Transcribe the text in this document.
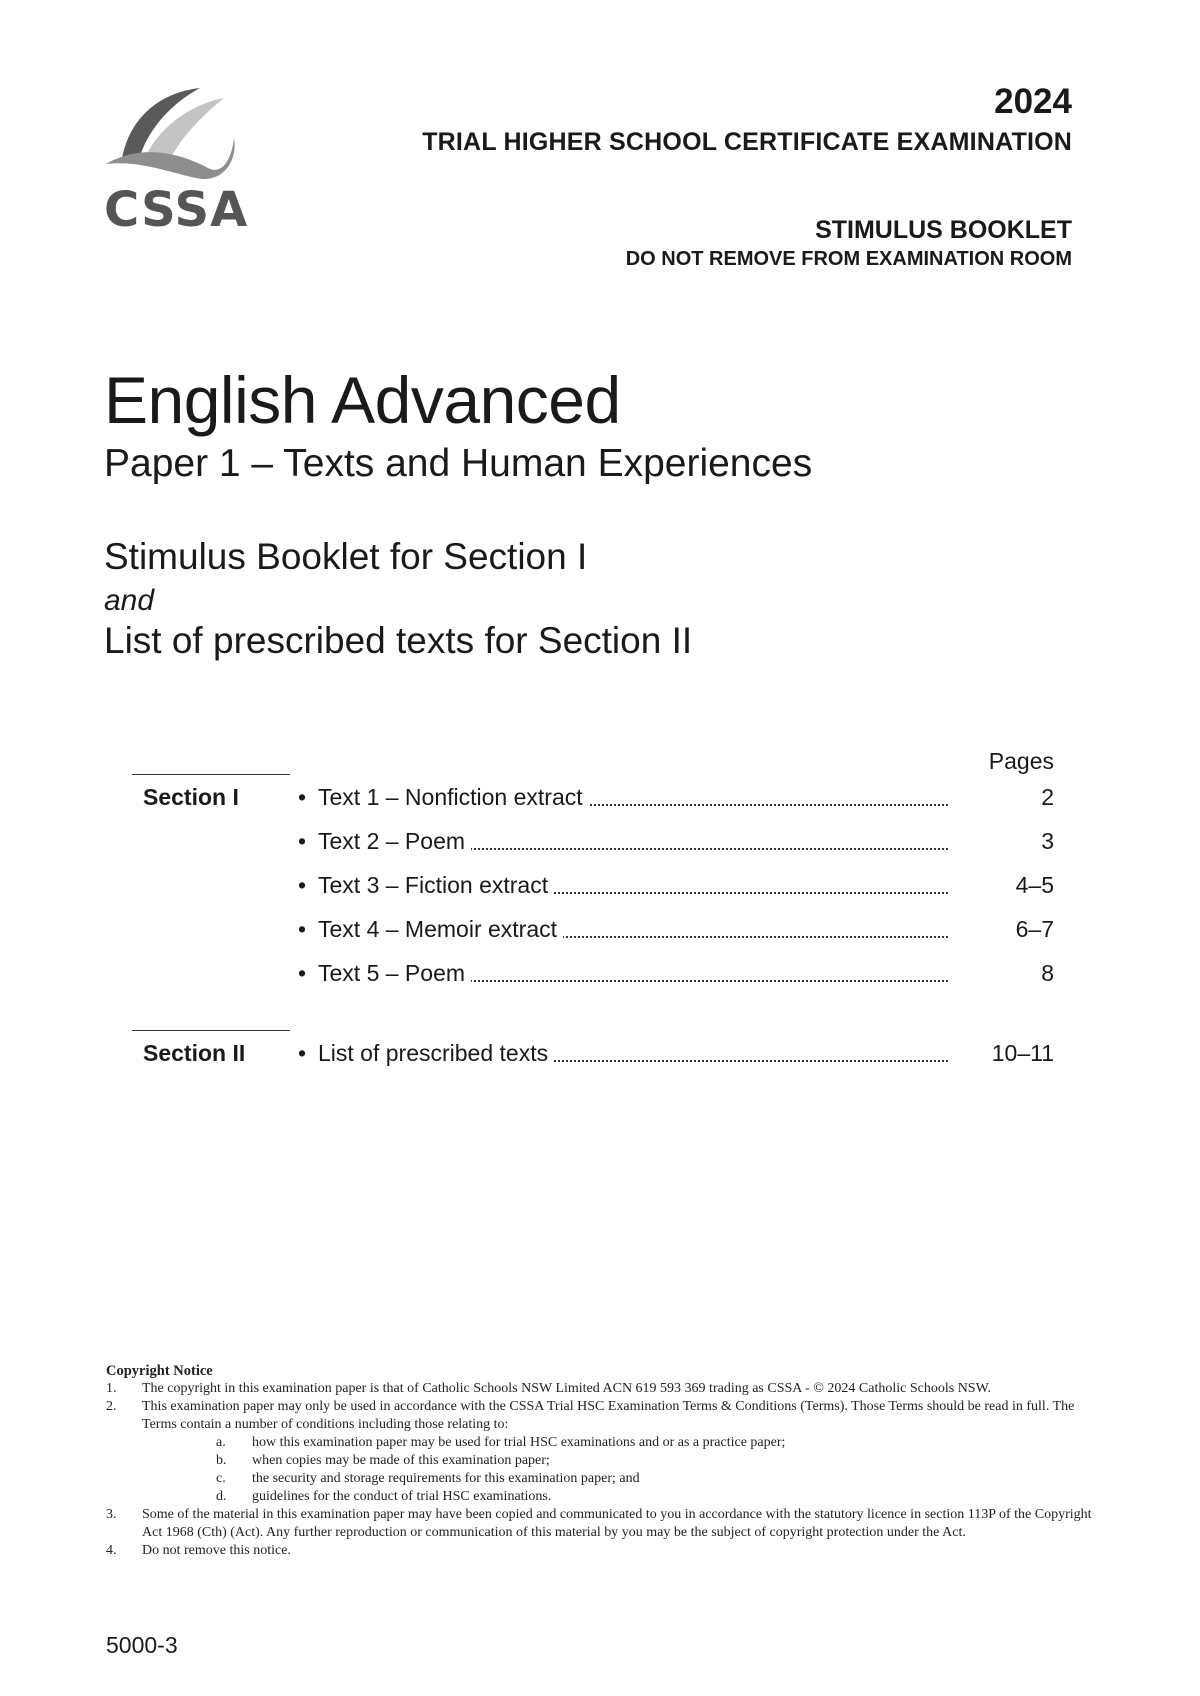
CSSA
2024
TRIAL HIGHER SCHOOL CERTIFICATE EXAMINATION
STIMULUS BOOKLET
DO NOT REMOVE FROM EXAMINATION ROOM
English Advanced
Paper 1 – Texts and Human Experiences
Stimulus Booklet for Section I
and
List of prescribed texts for Section II
Pages
Section I	• Text 1 – Nonfiction extract	2
• Text 2 – Poem	3
• Text 3 – Fiction extract	4–5
• Text 4 – Memoir extract	6–7
• Text 5 – Poem	8
Section II • List of prescribed texts	10–11
Copyright Notice
1. The copyright in this examination paper is that of Catholic Schools NSW Limited ACN 619 593 369 trading as CSSA - © 2024 Catholic Schools NSW.
2. This examination paper may only be used in accordance with the CSSA Trial HSC Examination Terms & Conditions (Terms). Those Terms should be read in full. The Terms contain a number of conditions including those relating to:
a. how this examination paper may be used for trial HSC examinations and or as a practice paper;
b. when copies may be made of this examination paper;
c. the security and storage requirements for this examination paper; and
d. guidelines for the conduct of trial HSC examinations.
3. Some of the material in this examination paper may have been copied and communicated to you in accordance with the statutory licence in section 113P of the Copyright Act 1968 (Cth) (Act). Any further reproduction or communication of this material by you may be the subject of copyright protection under the Act.
4. Do not remove this notice.
5000-3
